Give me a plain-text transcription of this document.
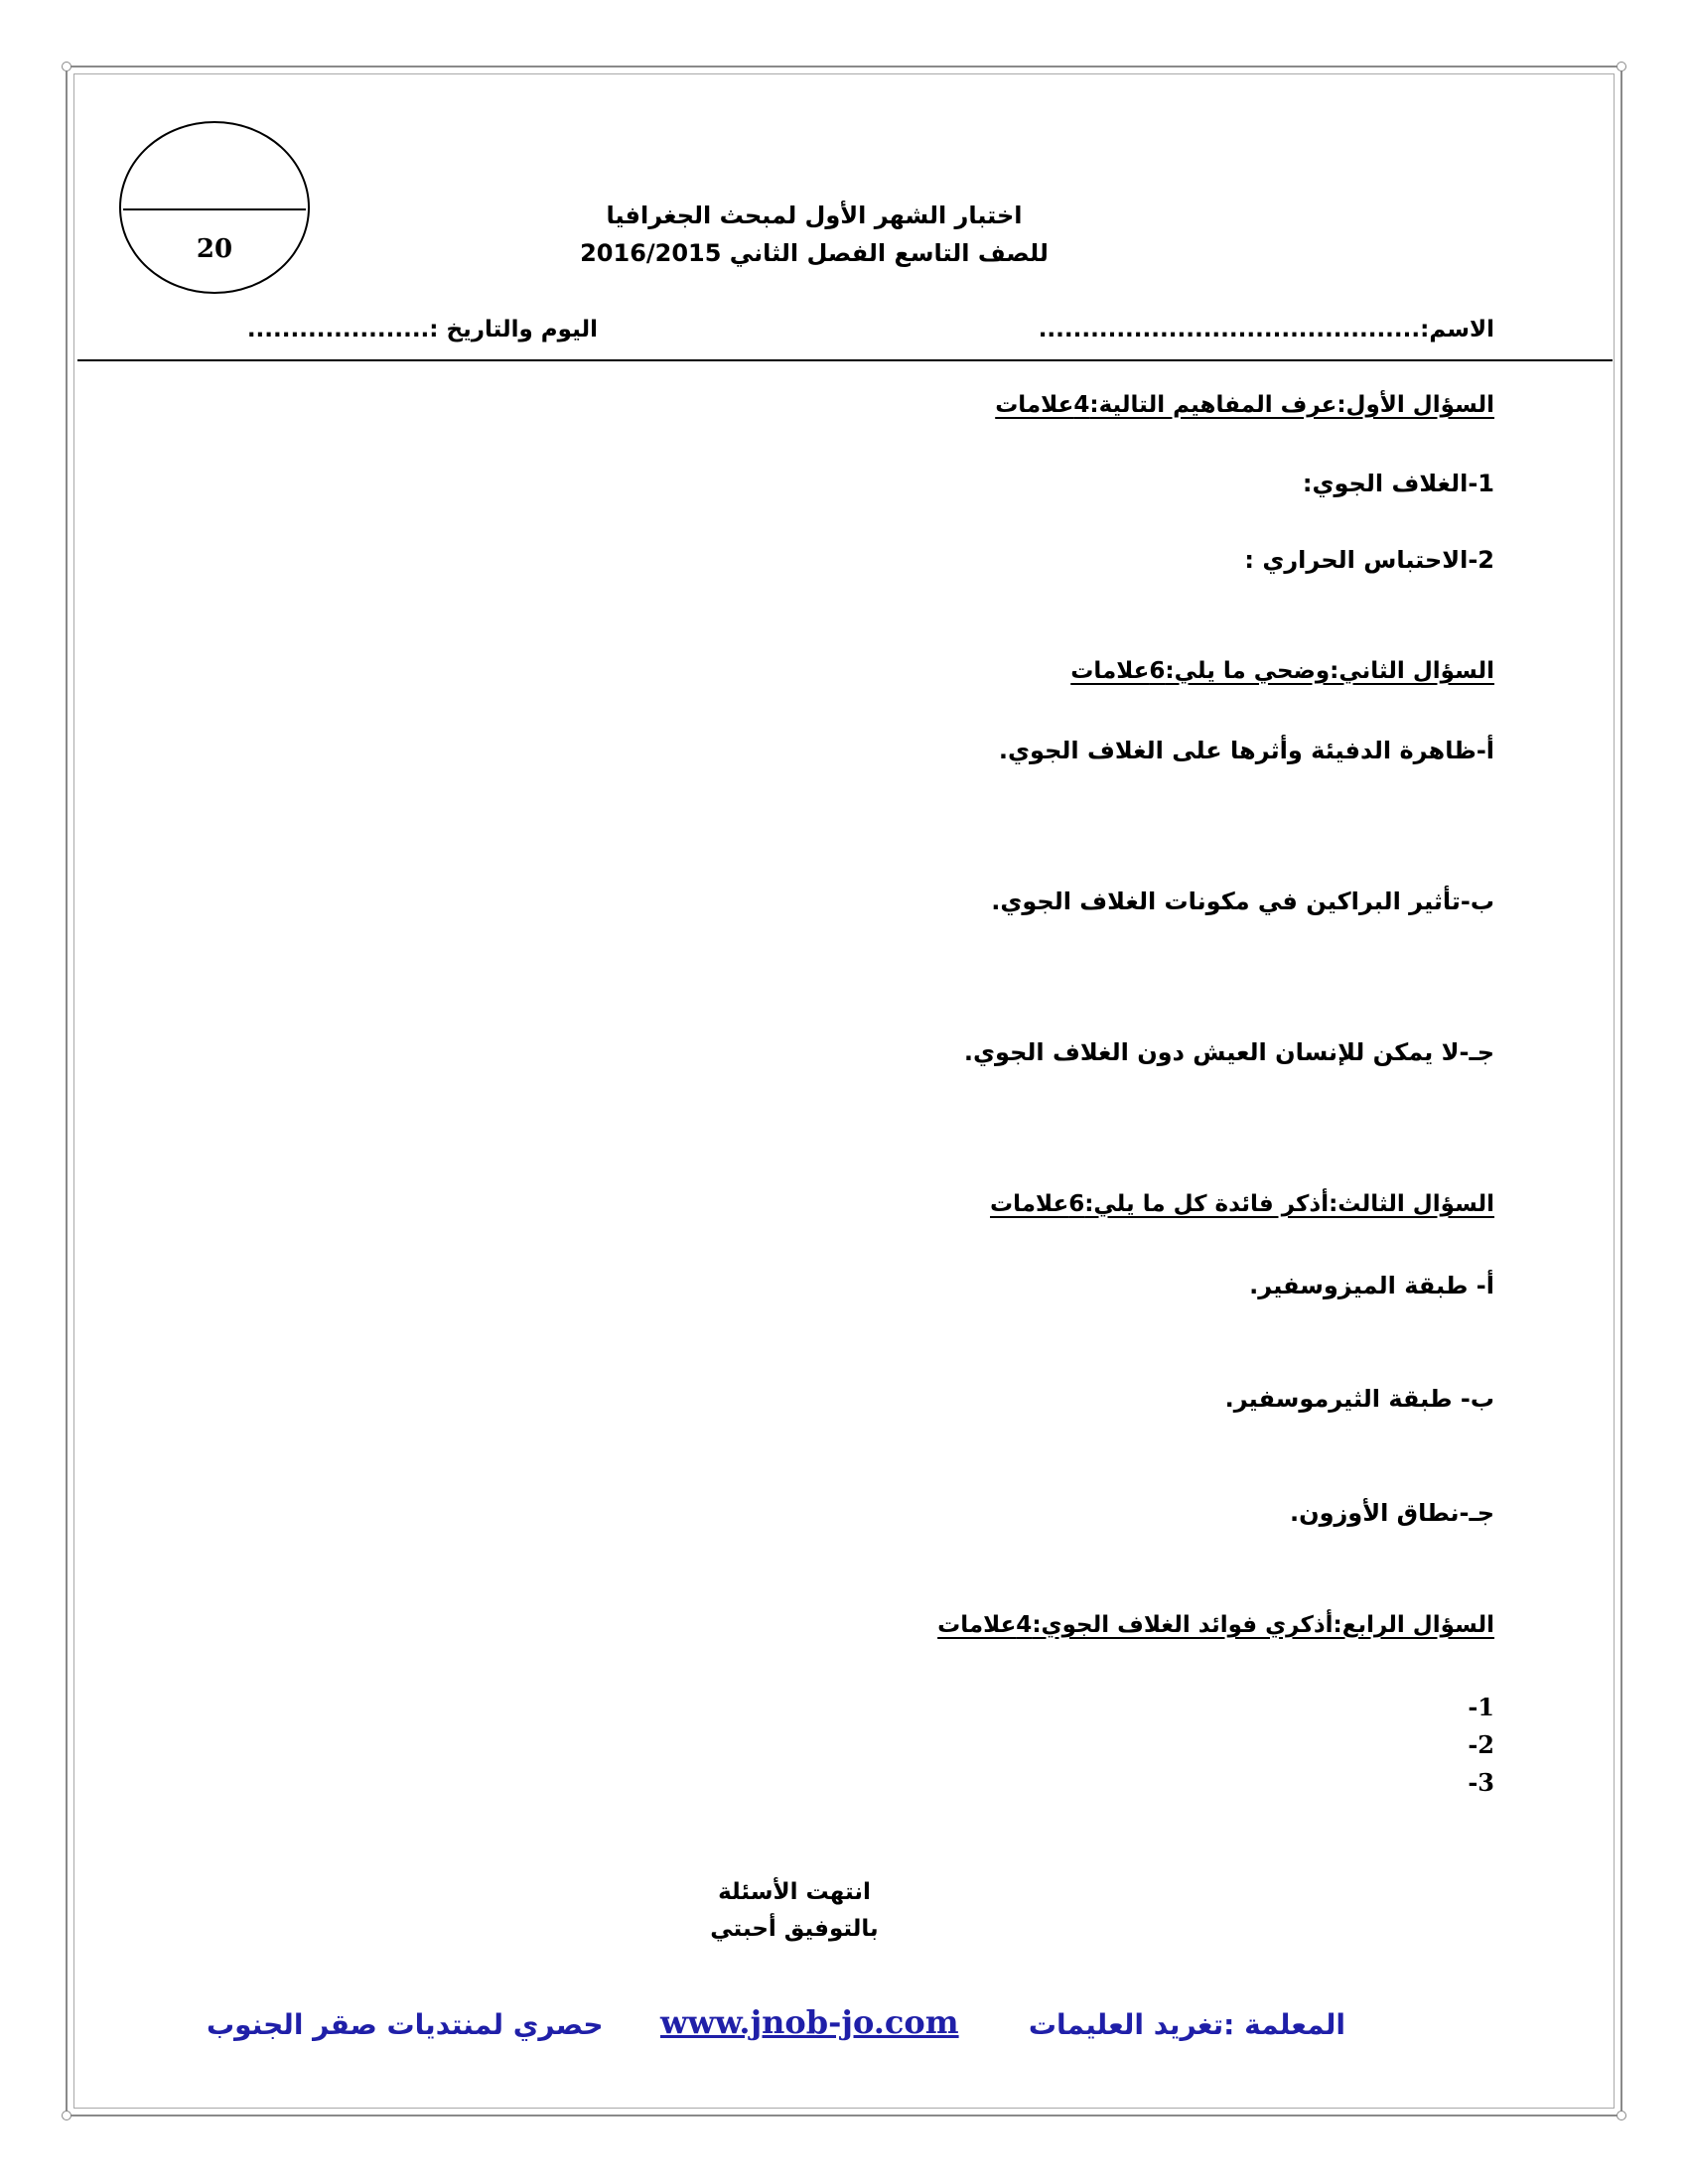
20
اختبار الشهر الأول لمبحث الجغرافيا
للصف التاسع الفصل الثاني 2016/2015
الاسم:............................................
اليوم والتاريخ :.....................
السؤال الأول:عرف المفاهيم التالية:4علامات
1-الغلاف الجوي:
2-الاحتباس الحراري :
السؤال الثاني:وضحي ما يلي:6علامات
أ-ظاهرة الدفيئة وأثرها على الغلاف الجوي.
ب-تأثير البراكين في مكونات الغلاف الجوي.
جـ-لا يمكن للإنسان العيش دون الغلاف الجوي.
السؤال الثالث:أذكر فائدة كل ما يلي:6علامات
أ- طبقة الميزوسفير.
ب- طبقة الثيرموسفير.
جـ-نطاق الأوزون.
السؤال الرابع:أذكري فوائد الغلاف الجوي:4علامات
-1
-2
-3
انتهت الأسئلة
بالتوفيق أحبتي
المعلمة :تغريد العليمات
www.jnob-jo.com
حصري لمنتديات صقر الجنوب
